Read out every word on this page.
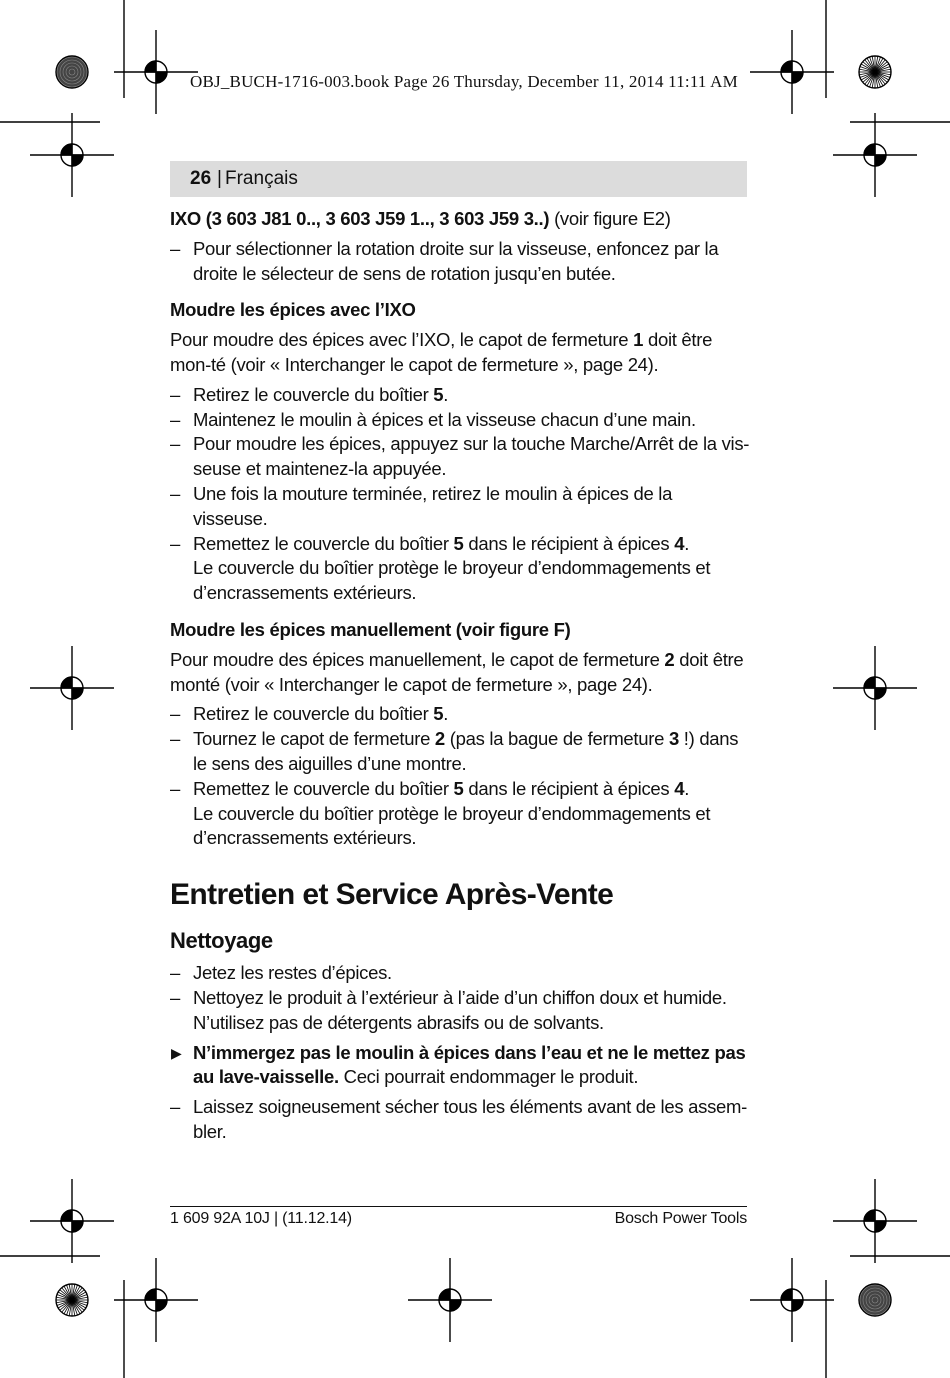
OBJ_BUCH-1716-003.book Page 26 Thursday, December 11, 2014 11:11 AM
26 | Français

IXO (3 603 J81 0.., 3 603 J59 1.., 3 603 J59 3..) (voir figure E2)

– Pour sélectionner la rotation droite sur la visseuse, enfoncez par la droite le sélecteur de sens de rotation jusqu’en butée.

Moudre les épices avec l’IXO

Pour moudre des épices avec l’IXO, le capot de fermeture 1 doit être mon-té (voir « Interchanger le capot de fermeture », page 24).

– Retirez le couvercle du boîtier 5.

– Maintenez le moulin à épices et la visseuse chacun d’une main.

– Pour moudre les épices, appuyez sur la touche Marche/Arrêt de la vis-seuse et maintenez-la appuyée.

– Une fois la mouture terminée, retirez le moulin à épices de la visseuse.

– Remettez le couvercle du boîtier 5 dans le récipient à épices 4.
Le couvercle du boîtier protège le broyeur d’endommagements et d’encrassements extérieurs.

Moudre les épices manuellement (voir figure F)

Pour moudre des épices manuellement, le capot de fermeture 2 doit être monté (voir « Interchanger le capot de fermeture », page 24).

– Retirez le couvercle du boîtier 5.

– Tournez le capot de fermeture 2 (pas la bague de fermeture 3 !) dans le sens des aiguilles d’une montre.

– Remettez le couvercle du boîtier 5 dans le récipient à épices 4.
Le couvercle du boîtier protège le broyeur d’endommagements et d’encrassements extérieurs.

Entretien et Service Après-Vente

Nettoyage

– Jetez les restes d’épices.

– Nettoyez le produit à l’extérieur à l’aide d’un chiffon doux et humide. N’utilisez pas de détergents abrasifs ou de solvants.

▶ N’immergez pas le moulin à épices dans l’eau et ne le mettez pas au lave-vaisselle. Ceci pourrait endommager le produit.

– Laissez soigneusement sécher tous les éléments avant de les assem-bler.

1 609 92A 10J | (11.12.14)	Bosch Power Tools
